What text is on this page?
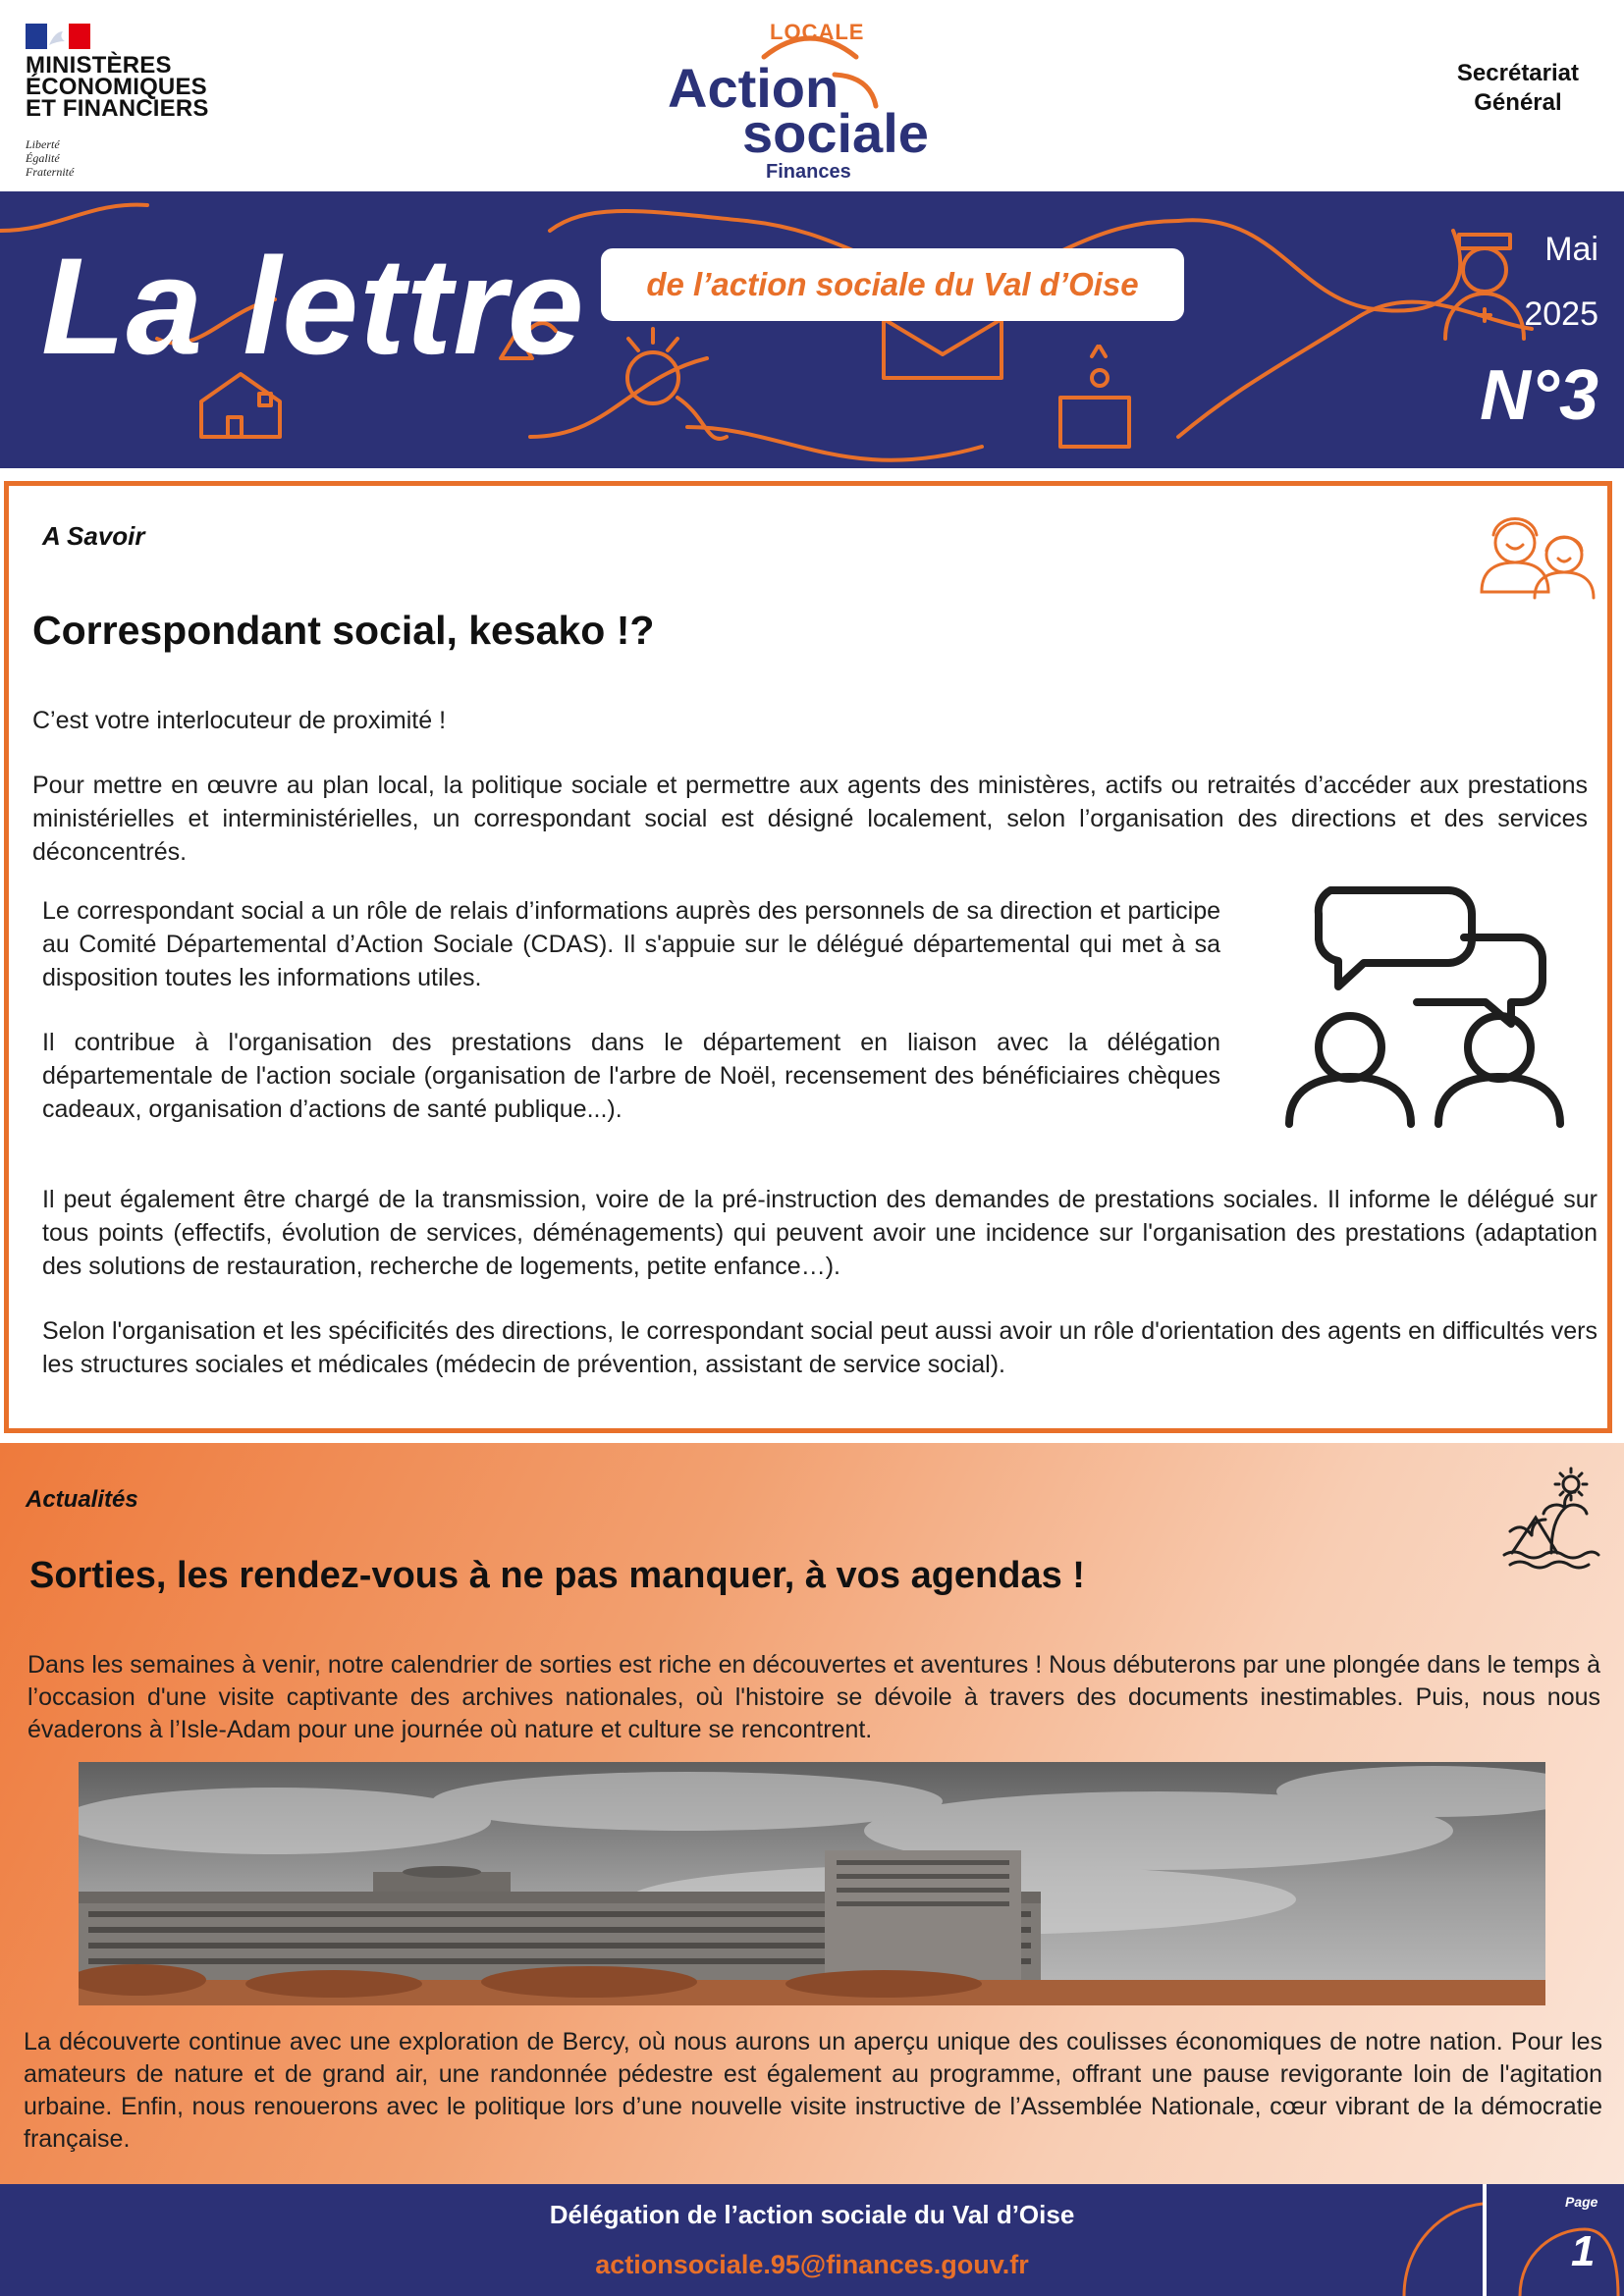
MINISTÈRES
ÉCONOMIQUES
ET FINANCIERS
Liberté
Égalité
Fraternité
LOCALE
Action
sociale
Finances
Secrétariat
Général
La lettre de l’action sociale du Val d’Oise
Mai
2025
N°3
A Savoir
Correspondant social, kesako !?

C’est votre interlocuteur de proximité !

Pour mettre en œuvre au plan local, la politique sociale et permettre aux agents des ministères, actifs ou retraités d’accéder aux prestations ministérielles et interministérielles, un correspondant social est désigné localement, selon l’organisation des directions et des services déconcentrés.

Le correspondant social a un rôle de relais d’informations auprès des personnels de sa direction et participe au Comité Départemental d’Action Sociale (CDAS). Il s'appuie sur le délégué départemental qui met à sa disposition toutes les informations utiles.

Il contribue à l'organisation des prestations dans le département en liaison avec la délégation départementale de l'action sociale (organisation de l'arbre de Noël, recensement des bénéficiaires chèques cadeaux, organisation d’actions de santé publique...).

Il peut également être chargé de la transmission, voire de la pré-instruction des demandes de prestations sociales. Il informe le délégué sur tous points (effectifs, évolution de services, déménagements) qui peuvent avoir une incidence sur l'organisation des prestations (adaptation des solutions de restauration, recherche de logements, petite enfance…).

Selon l'organisation et les spécificités des directions, le correspondant social peut aussi avoir un rôle d'orientation des agents en difficultés vers les structures sociales et médicales (médecin de prévention, assistant de service social).

Actualités
Sorties, les rendez-vous à ne pas manquer, à vos agendas !

Dans les semaines à venir, notre calendrier de sorties est riche en découvertes et aventures ! Nous débuterons par une plongée dans le temps à l’occasion d'une visite captivante des archives nationales, où l'histoire se dévoile à travers des documents inestimables. Puis, nous nous évaderons à l’Isle-Adam pour une journée où nature et culture se rencontrent.

La découverte continue avec une exploration de Bercy, où nous aurons un aperçu unique des coulisses économiques de notre nation. Pour les amateurs de nature et de grand air, une randonnée pédestre est également au programme, offrant une pause revigorante loin de l'agitation urbaine. Enfin, nous renouerons avec le politique lors d’une nouvelle visite instructive de l’Assemblée Nationale, cœur vibrant de la démocratie française.

Délégation de l’action sociale du Val d’Oise
actionsociale.95@finances.gouv.fr
Page
1
